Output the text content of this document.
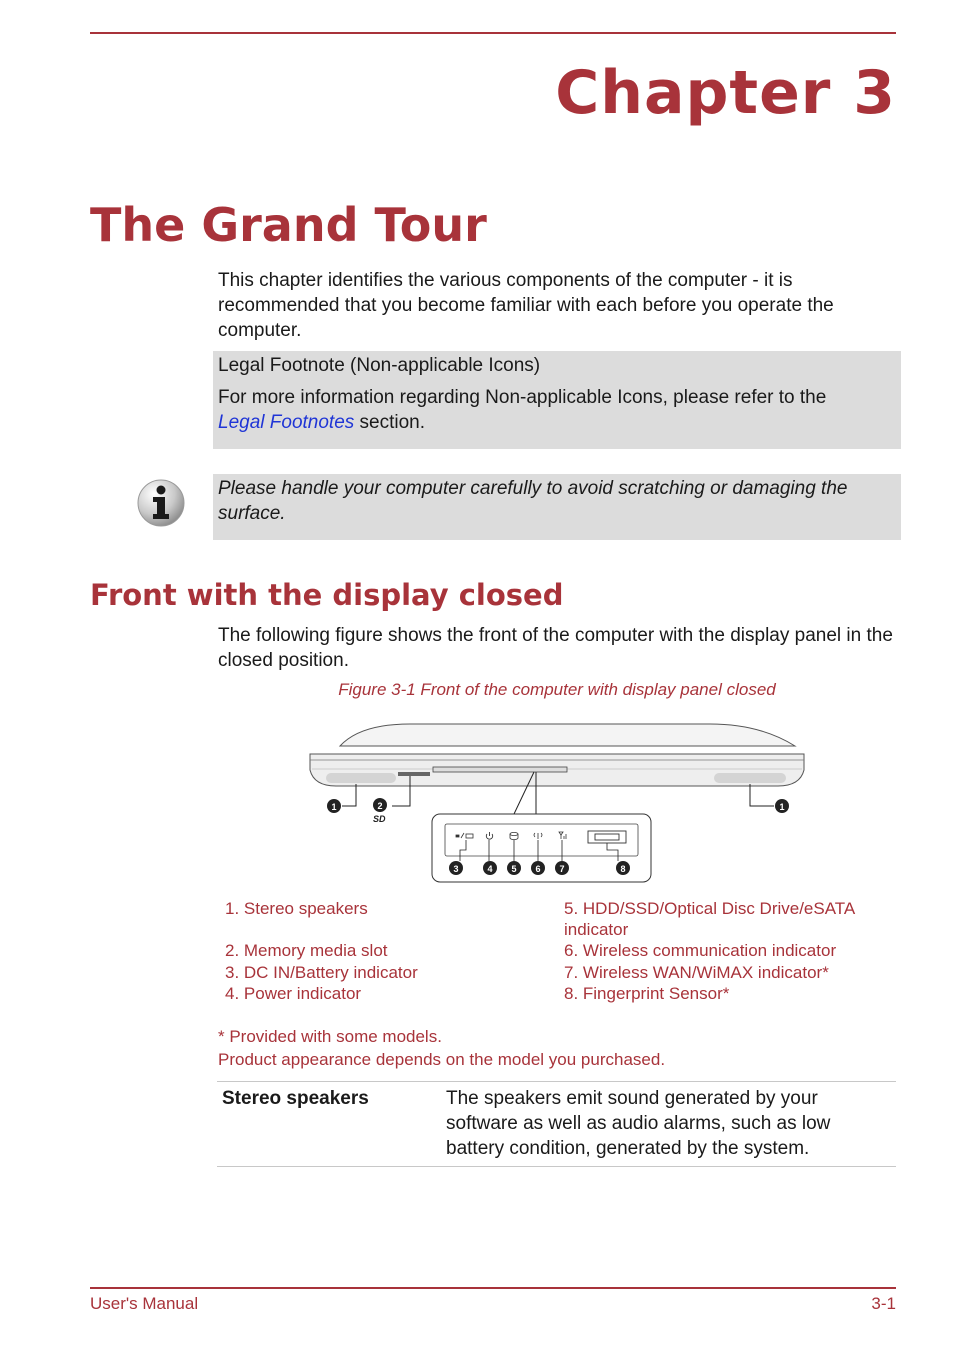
Chapter 3
The Grand Tour

This chapter identifies the various components of the computer - it is recommended that you become familiar with each before you operate the computer.

Legal Footnote (Non-applicable Icons)

For more information regarding Non-applicable Icons, please refer to the
Legal Footnotes section.

Please handle your computer carefully to avoid scratching or damaging the surface.

Front with the display closed

The following figure shows the front of the computer with the display panel in the closed position.

Figure 3-1 Front of the computer with display panel closed

1	2	1
SD
3	4 5 6 7	8

1. Stereo speakers

2. Memory media slot

3. DC IN/Battery indicator

4. Power indicator

5. HDD/SSD/Optical Disc Drive/eSATA indicator

6. Wireless communication indicator

7. Wireless WAN/WiMAX indicator*

8. Fingerprint Sensor*

* Provided with some models.

Product appearance depends on the model you purchased.

Stereo speakers	The speakers emit sound generated by your software as well as audio alarms, such as low battery condition, generated by the system.

User's Manual	3-1
